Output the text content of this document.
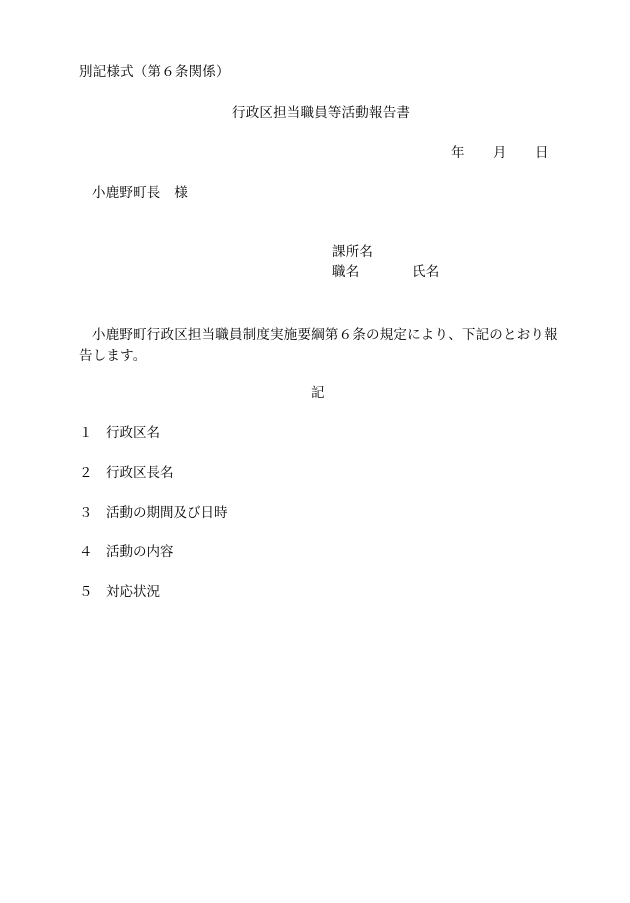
別記様式（第６条関係）
行政区担当職員等活動報告書
年 月 日
小鹿野町長　様
課所名
職名	氏名
小鹿野町行政区担当職員制度実施要綱第６条の規定により、下記のとおり報告します。
記
１ 行政区名
２ 行政区長名
３ 活動の期間及び日時
４ 活動の内容
５ 対応状況
